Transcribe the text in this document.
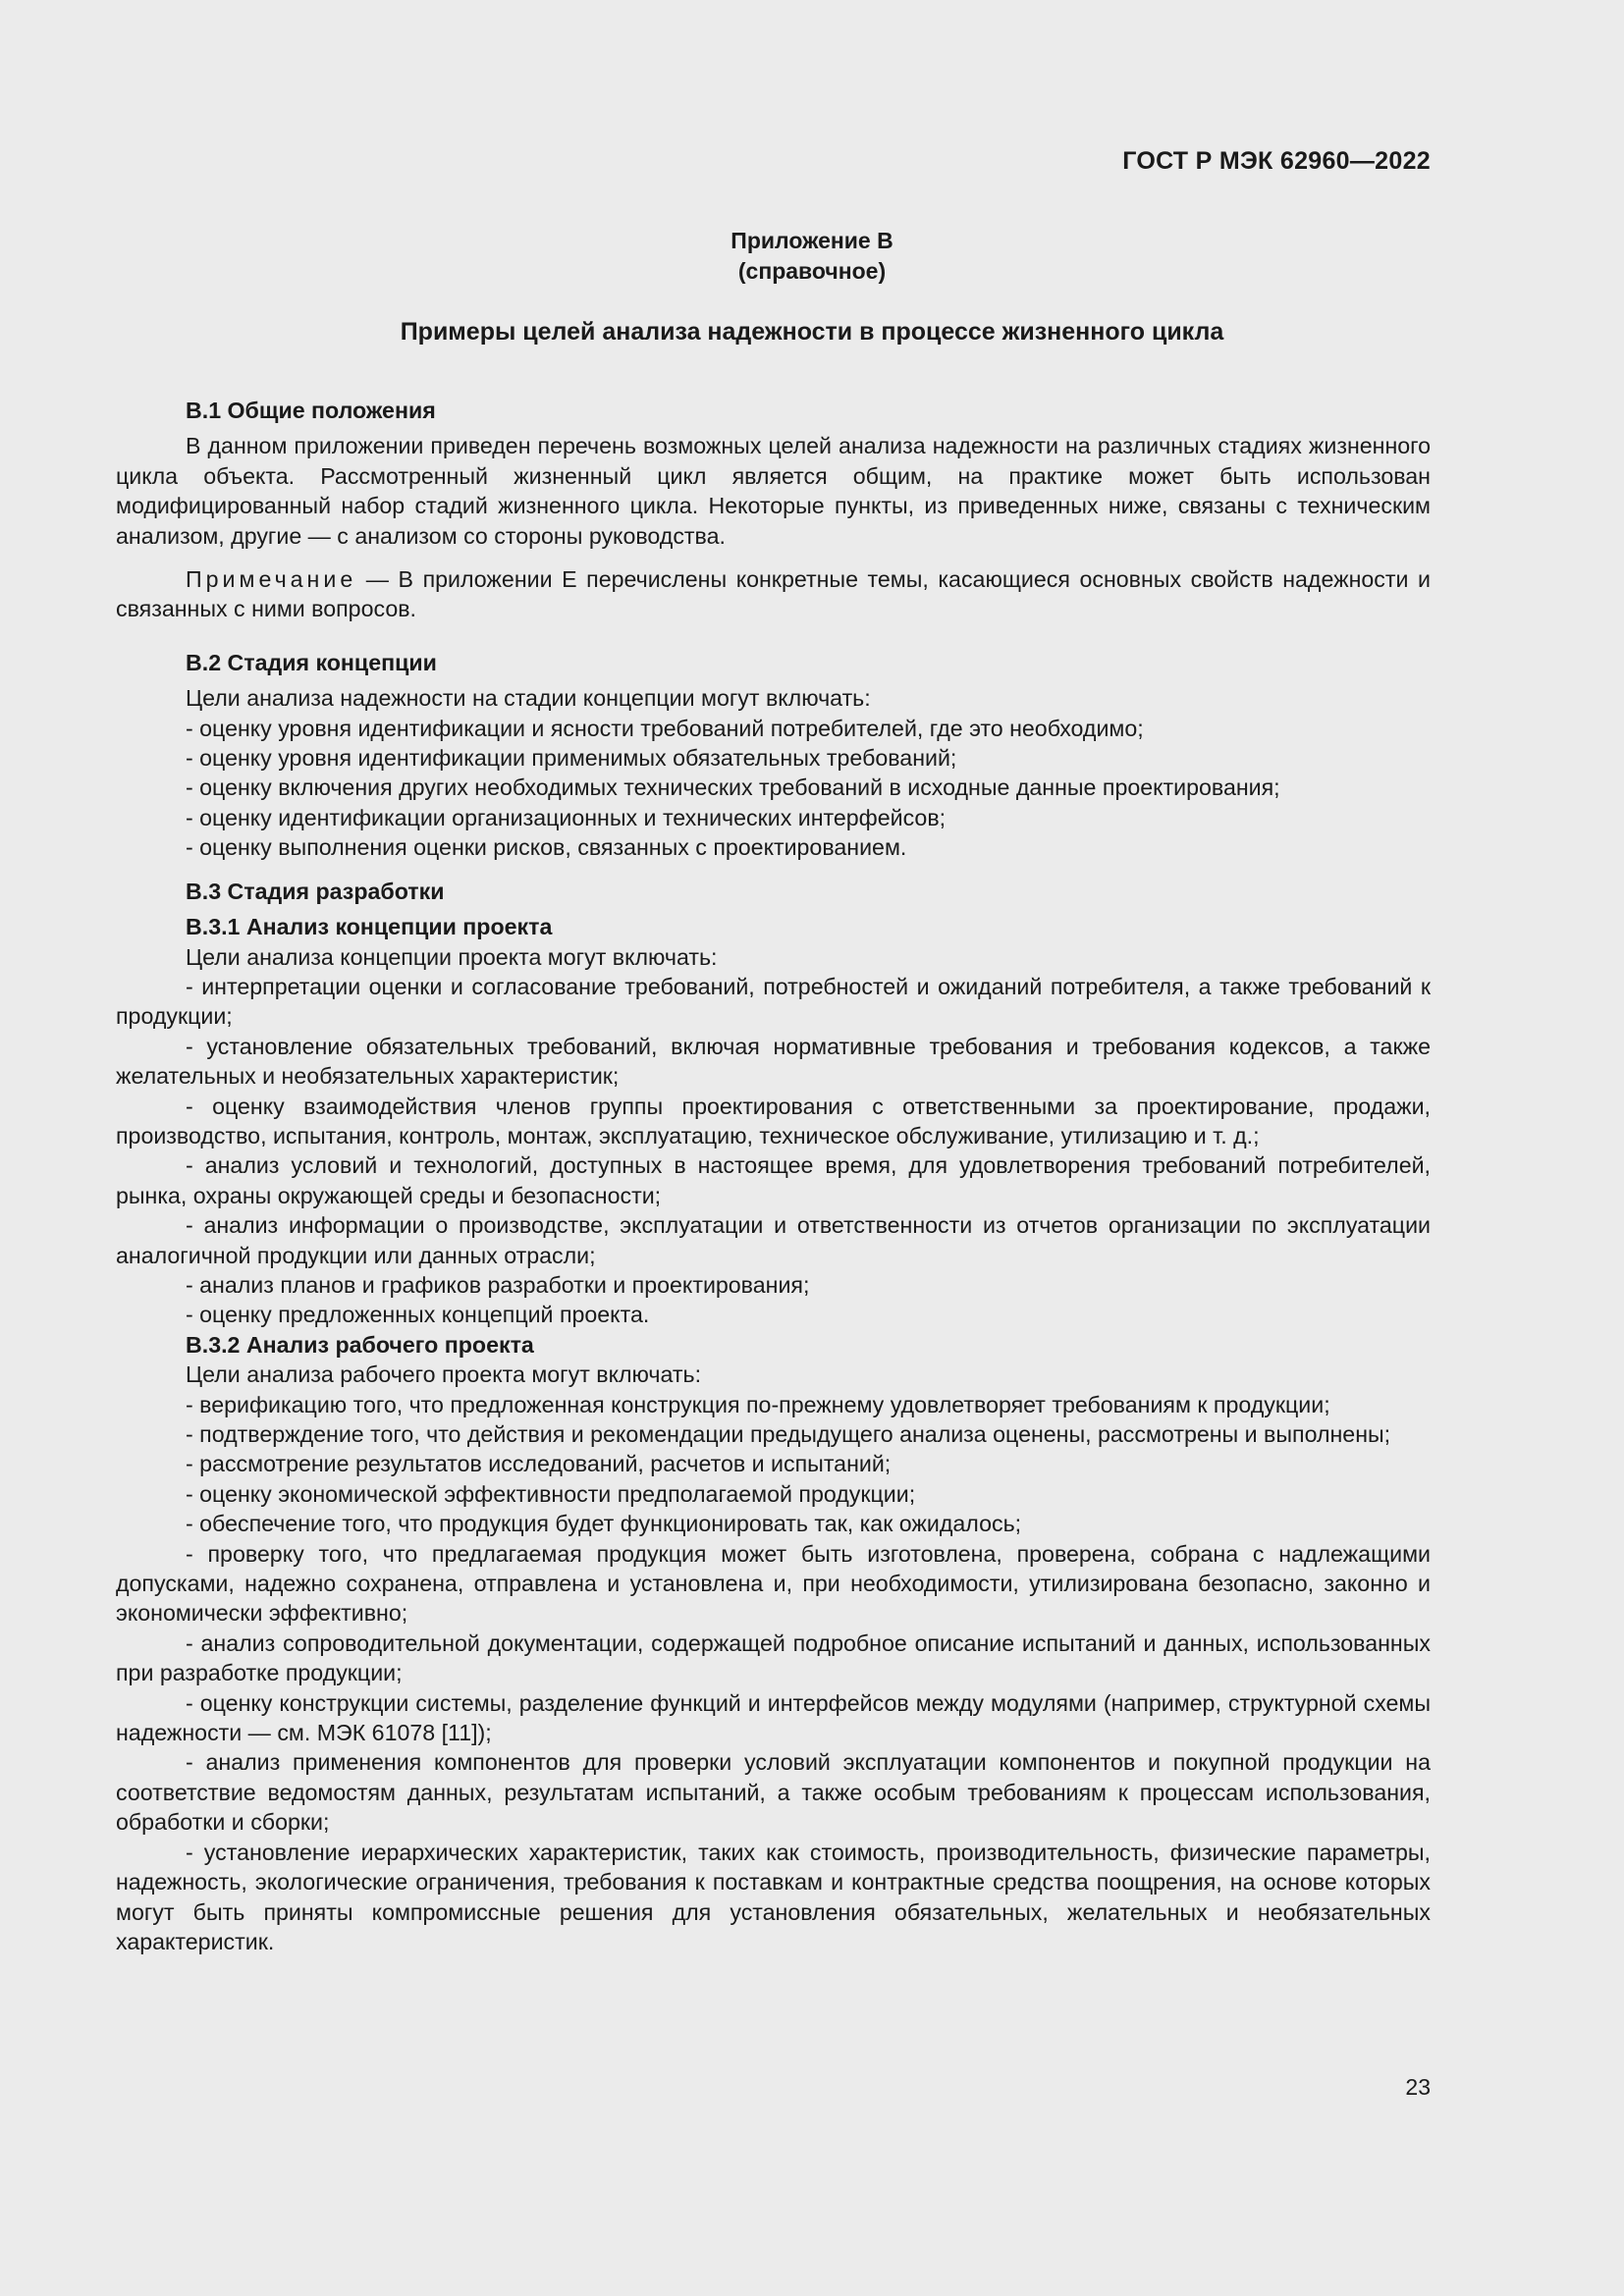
ГОСТ Р МЭК 62960—2022
Приложение В
(справочное)
Примеры целей анализа надежности в процессе жизненного цикла
В.1 Общие положения
В данном приложении приведен перечень возможных целей анализа надежности на различных стадиях жизненного цикла объекта. Рассмотренный жизненный цикл является общим, на практике может быть использован модифицированный набор стадий жизненного цикла. Некоторые пункты, из приведенных ниже, связаны с техническим анализом, другие — с анализом со стороны руководства.
Примечание — В приложении Е перечислены конкретные темы, касающиеся основных свойств надежности и связанных с ними вопросов.
В.2 Стадия концепции
Цели анализа надежности на стадии концепции могут включать:
- оценку уровня идентификации и ясности требований потребителей, где это необходимо;
- оценку уровня идентификации применимых обязательных требований;
- оценку включения других необходимых технических требований в исходные данные проектирования;
- оценку идентификации организационных и технических интерфейсов;
- оценку выполнения оценки рисков, связанных с проектированием.
В.3 Стадия разработки
В.3.1 Анализ концепции проекта
Цели анализа концепции проекта могут включать:
- интерпретации оценки и согласование требований, потребностей и ожиданий потребителя, а также требований к продукции;
- установление обязательных требований, включая нормативные требования и требования кодексов, а также желательных и необязательных характеристик;
- оценку взаимодействия членов группы проектирования с ответственными за проектирование, продажи, производство, испытания, контроль, монтаж, эксплуатацию, техническое обслуживание, утилизацию и т. д.;
- анализ условий и технологий, доступных в настоящее время, для удовлетворения требований потребителей, рынка, охраны окружающей среды и безопасности;
- анализ информации о производстве, эксплуатации и ответственности из отчетов организации по эксплуатации аналогичной продукции или данных отрасли;
- анализ планов и графиков разработки и проектирования;
- оценку предложенных концепций проекта.
В.3.2 Анализ рабочего проекта
Цели анализа рабочего проекта могут включать:
- верификацию того, что предложенная конструкция по-прежнему удовлетворяет требованиям к продукции;
- подтверждение того, что действия и рекомендации предыдущего анализа оценены, рассмотрены и выполнены;
- рассмотрение результатов исследований, расчетов и испытаний;
- оценку экономической эффективности предполагаемой продукции;
- обеспечение того, что продукция будет функционировать так, как ожидалось;
- проверку того, что предлагаемая продукция может быть изготовлена, проверена, собрана с надлежащими допусками, надежно сохранена, отправлена и установлена и, при необходимости, утилизирована безопасно, законно и экономически эффективно;
- анализ сопроводительной документации, содержащей подробное описание испытаний и данных, использованных при разработке продукции;
- оценку конструкции системы, разделение функций и интерфейсов между модулями (например, структурной схемы надежности — см. МЭК 61078 [11]);
- анализ применения компонентов для проверки условий эксплуатации компонентов и покупной продукции на соответствие ведомостям данных, результатам испытаний, а также особым требованиям к процессам использования, обработки и сборки;
- установление иерархических характеристик, таких как стоимость, производительность, физические параметры, надежность, экологические ограничения, требования к поставкам и контрактные средства поощрения, на основе которых могут быть приняты компромиссные решения для установления обязательных, желательных и необязательных характеристик.
23
